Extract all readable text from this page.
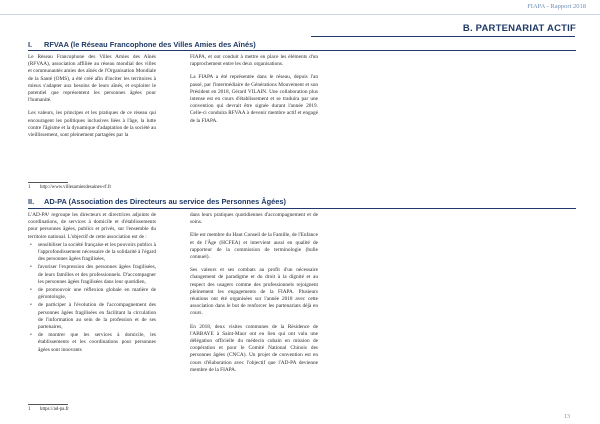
FIAPA - Rapport 2018
B. PARTENARIAT ACTIF
I. RFVAA (le Réseau Francophone des Villes Amies des Aînés)

Le Réseau Francophone des Villes Amies des Aînés (RFVAA), association affiliée au réseau mondial des villes et communautés amies des aînés de l'Organisation Mondiale de la Santé (OMS), a été créé afin d'inciter les territoires à mieux s'adapter aux besoins de leurs aînés, et exploiter le potentiel que représentent les personnes âgées pour l'humanité.

Les valeurs, les principes et les pratiques de ce réseau qui encouragent les politiques inclusives liées à l'âge, la lutte contre l'âgisme et la dynamique d'adaptation de la société au vieillissement, sont pleinement partagées par la

FIAPA, et ont conduit à mettre en place les éléments d'un rapprochement entre les deux organisations.

La FIAPA a été représentée dans le réseau, depuis l'an passé, par l'intermédiaire de Générations Mouvement et son Président en 2018, Gérard VILAIN. Une collaboration plus intense est en cours d'établissement et se traduira par une convention qui devrait être signée durant l'année 2019. Celle-ci conduira RFVAA à devenir membre actif et engagé de la FIAPA.

1 http://www.villesamiesdesaines-rf.fr
II. AD-PA (Association des Directeurs au service des Personnes Âgées)

L'AD-PA¹ regroupe les directeurs et directrices adjoints de coordinations, de services à domicile et d'établissements pour personnes âgées, publics et privés, sur l'ensemble du territoire national. L'objectif de cette association est de :

• sensibiliser la société française et les pouvoirs publics à l'approfondissement nécessaire de la solidarité à l'égard des personnes âgées fragilisées,
• favoriser l'expression des personnes âgées fragilisées, de leurs familles et des professionnels. D'accompagner les personnes âgées fragilisées dans leur quotidien,
• de promouvoir une réflexion globale en matière de gérontologie,
• de participer à l'évolution de l'accompagnement des personnes âgées fragilisées en facilitant la circulation de l'information au sein de la profession et de ses partenaires,
• de montrer que les services à domicile, les établissements et les coordinations pour personnes âgées sont innovants

dans leurs pratiques quotidiennes d'accompagnement et de soins.

Elle est membre du Haut Conseil de la Famille, de l'Enfance et de l'Âge (HCFEA) et intervient aussi en qualité de rapporteur de la commission de terminologie (bulle connuel).

Ses valeurs et ses combats au profit d'un nécessaire changement de paradigme et du droit à la dignité et au respect des usagers comme des professionnels rejoignent pleinement les engagements de la FIAPA. Plusieurs réunions ont été organisées sur l'année 2018 avec cette association dans le but de renforcer les partenariats déjà en cours.

En 2018, deux visites communes de la Résidence de l'ABBAYE à Saint-Maur ont eu lieu qui ont valu une délégation officielle du médecin cubain en mission de coopération et pour le Comité National Chinois des personnes âgées (CNCA). Un projet de convention est en cours d'élaboration avec l'objectif que l'AD-PA devienne membre de la FIAPA.

1 https://ad-pa.fr
13
